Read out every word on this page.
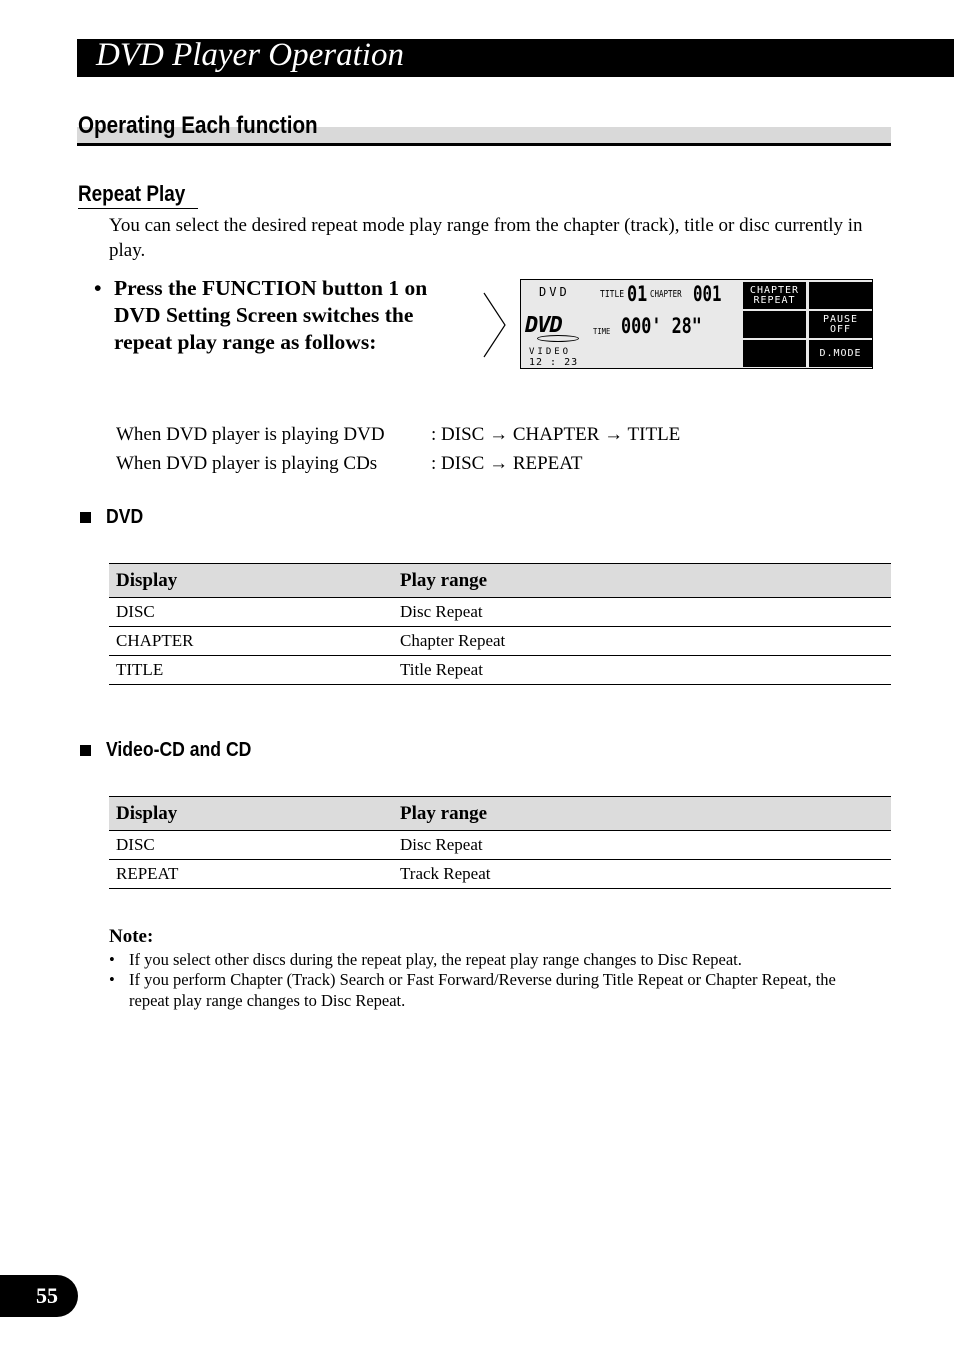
DVD Player Operation
Operating Each function
Repeat Play
You can select the desired repeat mode play range from the chapter (track), title or disc currently in play.
• Press the FUNCTION button 1 on DVD Setting Screen switches the repeat play range as follows:
DVD	TITLE 01 CHAPTER 001
DVD	TIME 000' 28"
VIDEO
12 : 23
CHAPTER REPEAT
PAUSE OFF
D.MODE
When DVD player is playing DVD : DISC → CHAPTER → TITLE
When DVD player is playing CDs	: DISC → REPEAT
DVD
Display	Play range
DISC	Disc Repeat
CHAPTER	Chapter Repeat
TITLE	Title Repeat
Video-CD and CD
Display	Play range
DISC	Disc Repeat
REPEAT	Track Repeat
Note:
• If you select other discs during the repeat play, the repeat play range changes to Disc Repeat.
• If you perform Chapter (Track) Search or Fast Forward/Reverse during Title Repeat or Chapter Repeat, the repeat play range changes to Disc Repeat.
55
